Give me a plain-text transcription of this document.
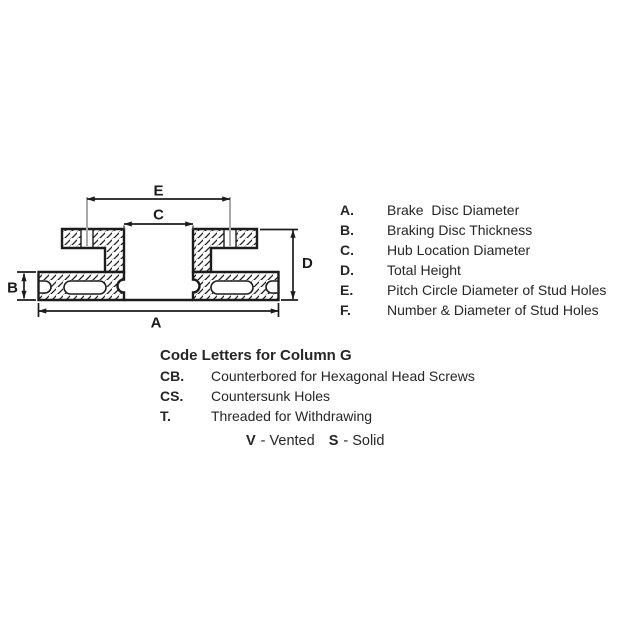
E
C
D
A
B
A.	Brake  Disc Diameter
B.	Braking Disc Thickness
C.	Hub Location Diameter
D.	Total Height
E.	Pitch Circle Diameter of Stud Holes
F.	Number & Diameter of Stud Holes
Code Letters for Column G
CB.	Counterbored for Hexagonal Head Screws
CS.	Countersunk Holes
T.	Threaded for Withdrawing
V - Vented S - Solid
